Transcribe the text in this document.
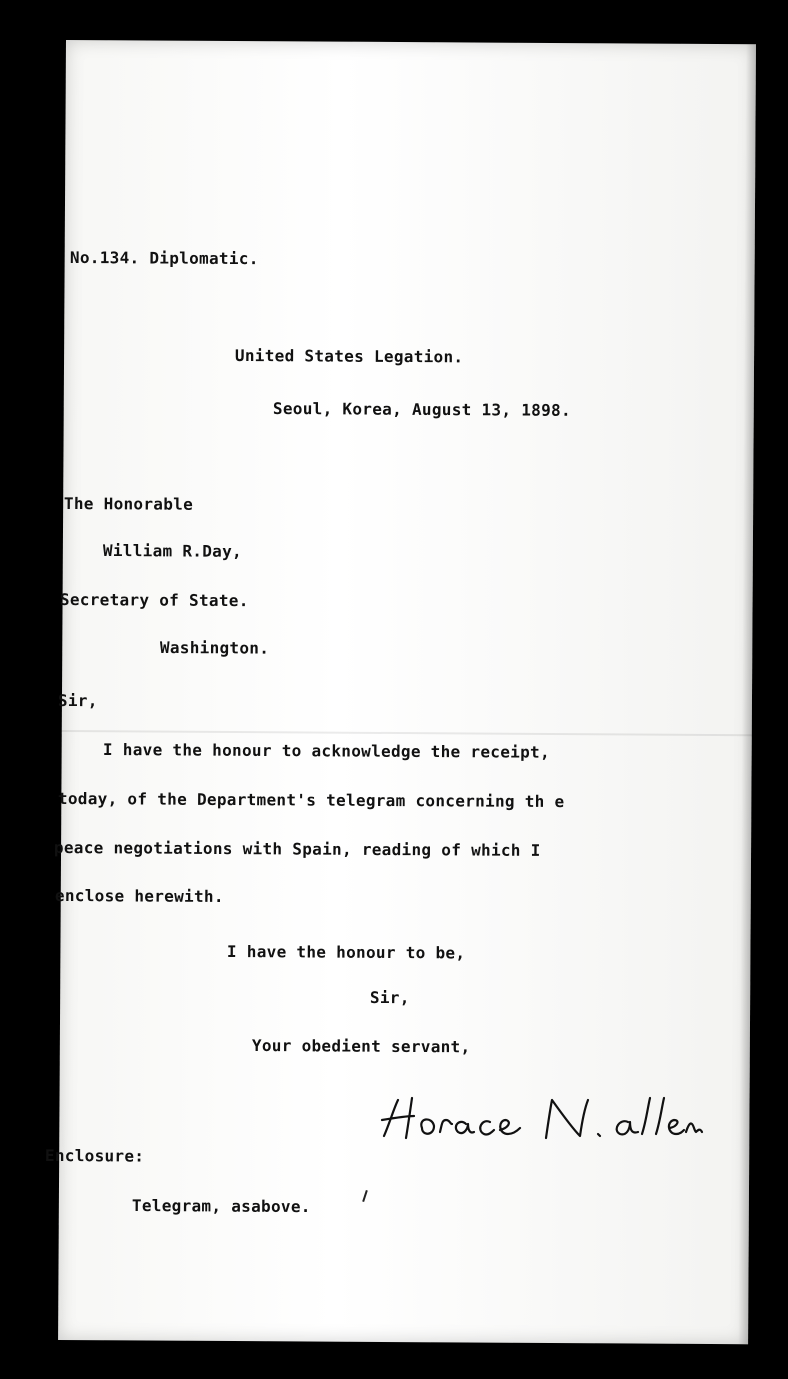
No.134. Diplomatic.
United States Legation.
Seoul, Korea, August 13, 1898.
The Honorable
William R.Day,
Secretary of State.
Washington.
Sir,
I have the honour to acknowledge the receipt,
today, of the Department's telegram concerning th e
peace negotiations with Spain, reading of which I
enclose herewith.
I have the honour to be,
Sir,
Your obedient servant,
Enclosure:
Telegram, asabove.
